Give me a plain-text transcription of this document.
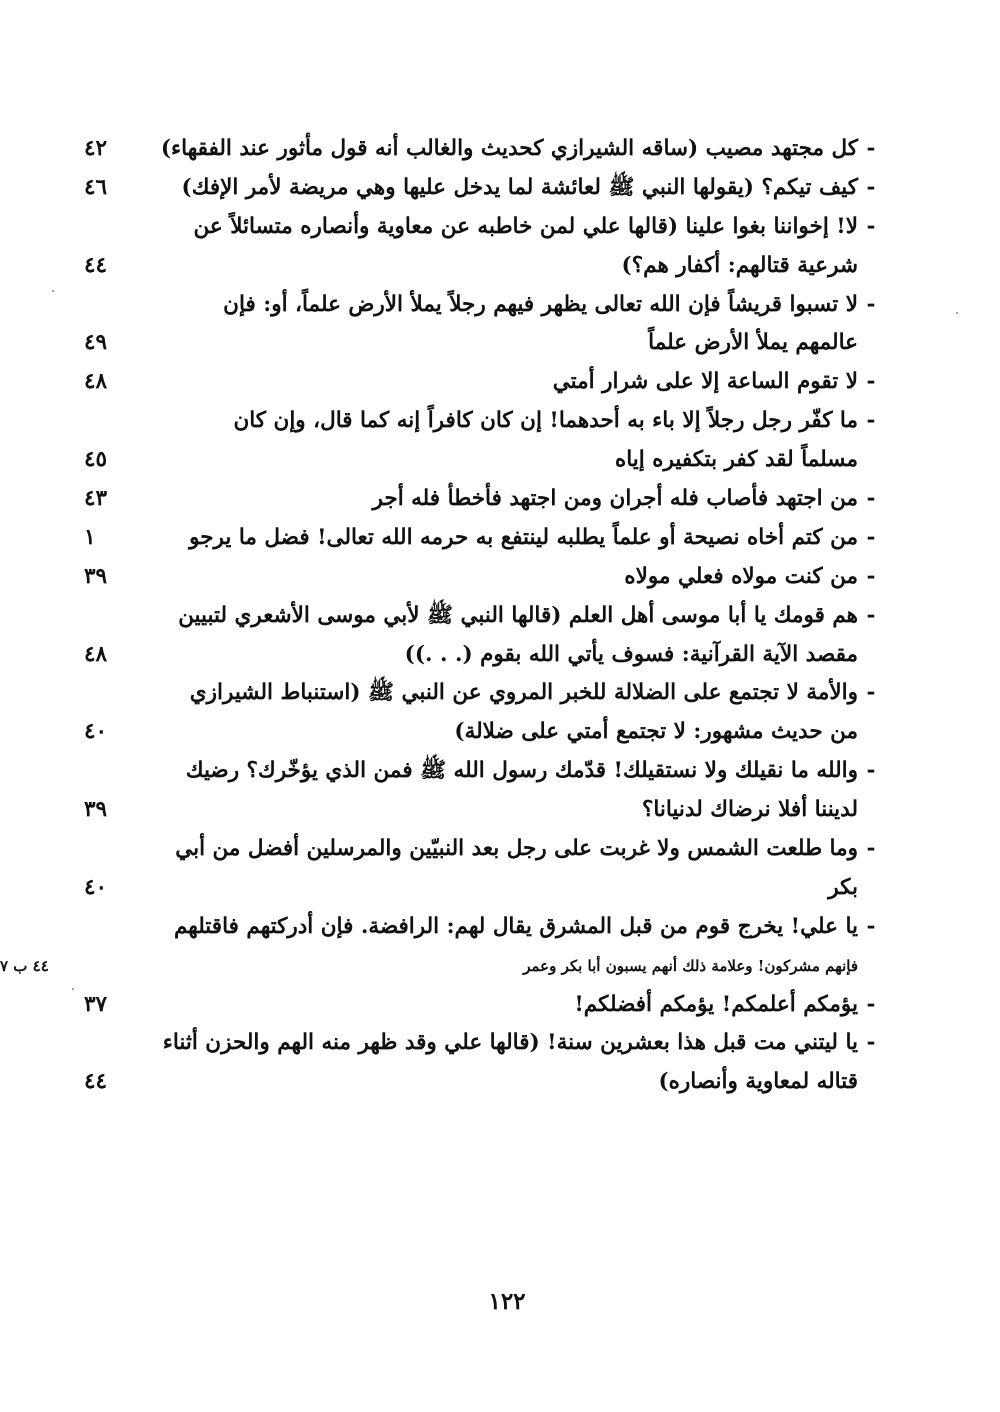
-
كل مجتهد مصيب (ساقه الشيرازي كحديث والغالب أنه قول مأثور عند الفقهاء)
٤٢
-
كيف تيكم؟ (يقولها النبي ﷺ لعائشة لما يدخل عليها وهي مريضة لأمر الإفك)
٤٦
-
لا! إخواننا بغوا علينا (قالها علي لمن خاطبه عن معاوية وأنصاره متسائلاً عن
شرعية قتالهم: أكفار هم؟)
٤٤
-
لا تسبوا قريشاً فإن الله تعالى يظهر فيهم رجلاً يملأ الأرض علماً، أو: فإن
عالمهم يملأ الأرض علماً
٤٩
-
لا تقوم الساعة إلا على شرار أمتي
٤٨
-
ما كفّر رجل رجلاً إلا باء به أحدهما! إن كان كافراً إنه كما قال، وإن كان
مسلماً لقد كفر بتكفيره إياه
٤٥
-
من اجتهد فأصاب فله أجران ومن اجتهد فأخطأ فله أجر
٤٣
-
من كتم أخاه نصيحة أو علماً يطلبه لينتفع به حرمه الله تعالى! فضل ما يرجو
١
-
من كنت مولاه فعلي مولاه
٣٩
-
هم قومك يا أبا موسى أهل العلم (قالها النبي ﷺ لأبي موسى الأشعري لتبيين
مقصد الآية القرآنية: فسوف يأتي الله بقوم (. . .))
٤٨
-
والأمة لا تجتمع على الضلالة للخبر المروي عن النبي ﷺ (استنباط الشيرازي
من حديث مشهور: لا تجتمع أمتي على ضلالة)
٤٠
-
والله ما نقيلك ولا نستقيلك! قدّمك رسول الله ﷺ فمن الذي يؤخّرك؟ رضيك
لديننا أفلا نرضاك لدنيانا؟
٣٩
-
وما طلعت الشمس ولا غربت على رجل بعد النبيّين والمرسلين أفضل من أبي
بكر
٤٠
-
يا علي! يخرج قوم من قبل المشرق يقال لهم: الرافضة. فإن أدركتهم فاقتلهم
فإنهم مشركون! وعلامة ذلك أنهم يسبون أبا بكر وعمر
٤٤ ب ٧
-
يؤمكم أعلمكم! يؤمكم أفضلكم!
٣٧
-
يا ليتني مت قبل هذا بعشرين سنة! (قالها علي وقد ظهر منه الهم والحزن أثناء
قتاله لمعاوية وأنصاره)
٤٤
١٢٢
